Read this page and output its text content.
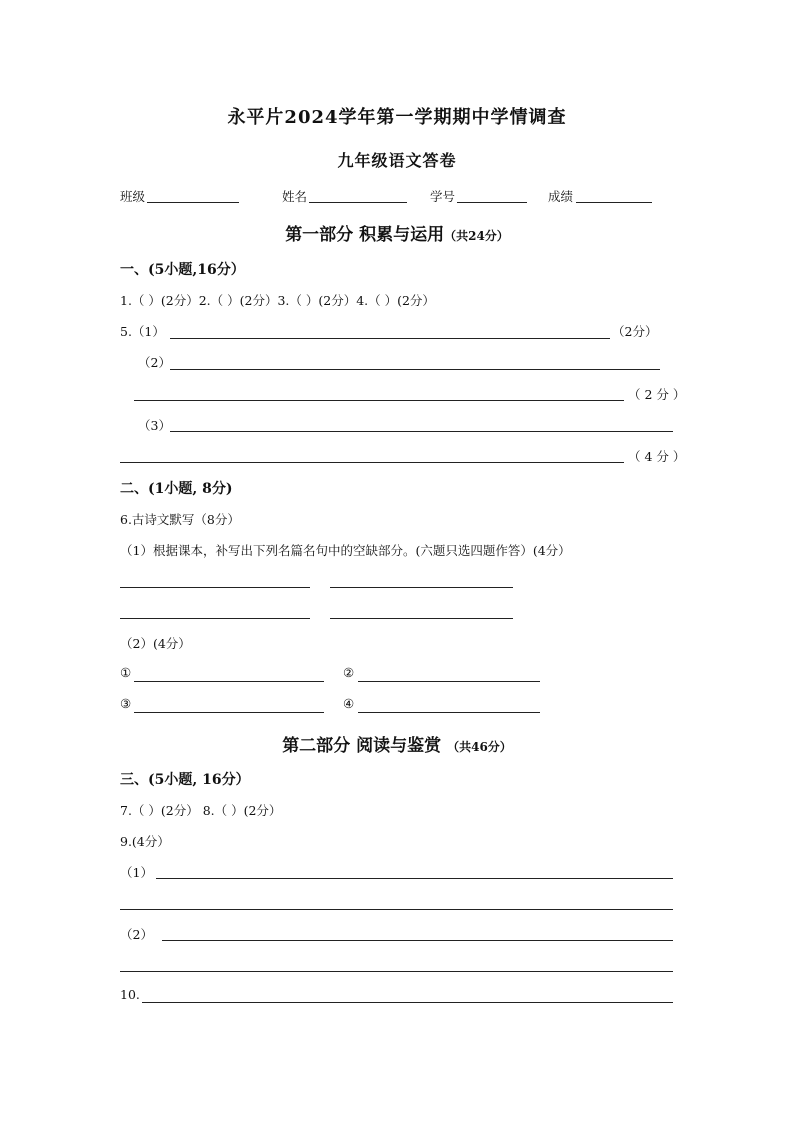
永平片2024学年第一学期期中学情调查
九年级语文答卷
班级	姓名	学号	成绩
第一部分 积累与运用（共24分）
一、(5小题,16分）
1.（ ）(2分）2.（ ）(2分）3.（ ）(2分）4.（ ）(2分）
5.（1）	（2分）
（2）
（ 2 分 ）
（3）
（ 4 分 ）
二、(1小题, 8分)
6.古诗文默写（8分）
（1）根据课本，补写出下列名篇名句中的空缺部分。(六题只选四题作答）(4分）
（2）(4分）
①	②
③	④
第二部分 阅读与鉴赏 （共46分）
三、(5小题, 16分）
7.（ ）(2分） 8.（ ）(2分）
9.(4分）
（1）
（2）
10.
